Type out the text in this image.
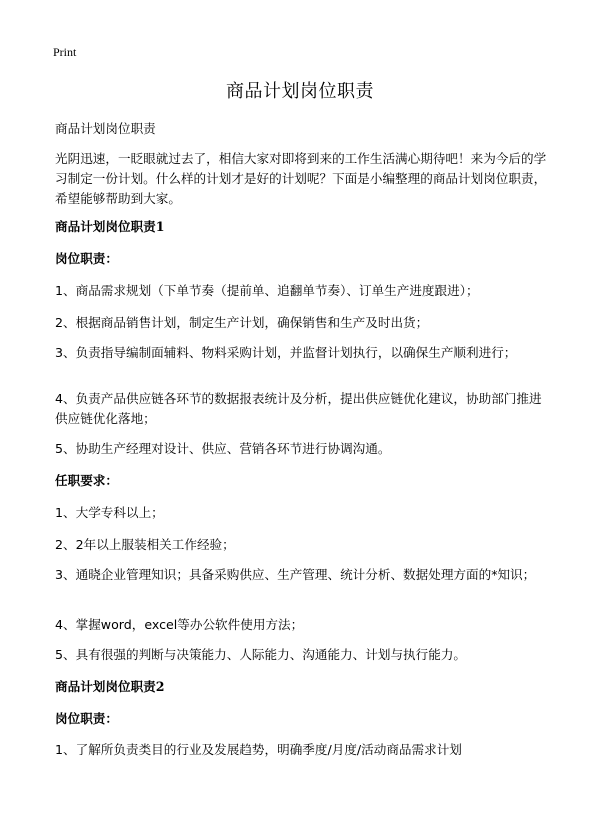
Print
商品计划岗位职责
商品计划岗位职责
光阴迅速，一眨眼就过去了，相信大家对即将到来的工作生活满心期待吧！来为今后的学习制定一份计划。什么样的计划才是好的计划呢？下面是小编整理的商品计划岗位职责，希望能够帮助到大家。
商品计划岗位职责1
岗位职责：
1、商品需求规划（下单节奏（提前单、追翻单节奏）、订单生产进度跟进）；
2、根据商品销售计划，制定生产计划，确保销售和生产及时出货；
3、负责指导编制面辅料、物料采购计划，并监督计划执行，以确保生产顺利进行；
4、负责产品供应链各环节的数据报表统计及分析，提出供应链优化建议，协助部门推进供应链优化落地；
5、协助生产经理对设计、供应、营销各环节进行协调沟通。
任职要求：
1、大学专科以上；
2、2年以上服装相关工作经验；
3、通晓企业管理知识；具备采购供应、生产管理、统计分析、数据处理方面的*知识；
4、掌握word，excel等办公软件使用方法；
5、具有很强的判断与决策能力、人际能力、沟通能力、计划与执行能力。
商品计划岗位职责2
岗位职责：
1、了解所负责类目的行业及发展趋势，明确季度/月度/活动商品需求计划
